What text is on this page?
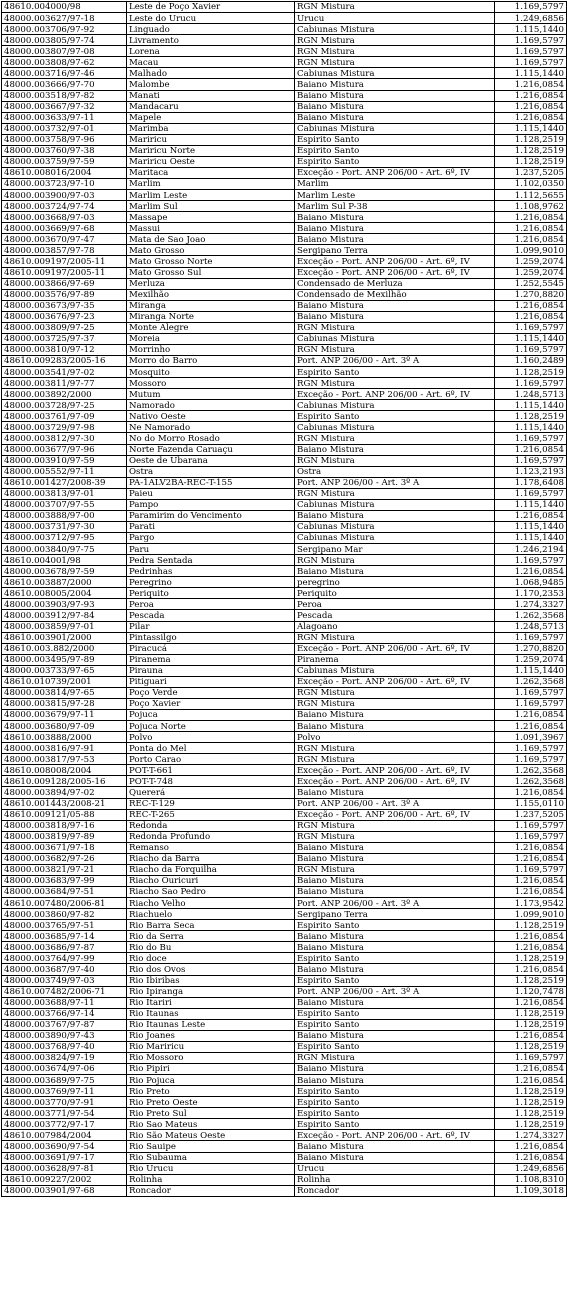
48610.004000/98	Leste de Poço Xavier	RGN Mistura	1.169,5797
48000.003627/97-18	Leste do Urucu	Urucu	1.249,6856
48000.003706/97-92	Linguado	Cabiunas Mistura	1.115,1440
48000.003805/97-74	Livramento	RGN Mistura	1.169,5797
48000.003807/97-08	Lorena	RGN Mistura	1.169,5797
48000.003808/97-62	Macau	RGN Mistura	1.169,5797
48000.003716/97-46	Malhado	Cabiunas Mistura	1.115,1440
48000.003666/97-70	Malombe	Baiano Mistura	1.216,0854
48000.003518/97-82	Manati	Baiano Mistura	1.216,0854
48000.003667/97-32	Mandacaru	Baiano Mistura	1.216,0854
48000.003633/97-11	Mapele	Baiano Mistura	1.216,0854
48000.003732/97-01	Marimba	Cabiunas Mistura	1.115,1440
48000.003758/97-96	Mariricu	Espirito Santo	1.128,2519
48000.003760/97-38	Mariricu Norte	Espirito Santo	1.128,2519
48000.003759/97-59	Mariricu Oeste	Espirito Santo	1.128,2519
48610.008016/2004	Maritaca	Exceção - Port. ANP 206/00 - Art. 6º, IV	1.237,5205
48000.003723/97-10	Marlim	Marlim	1.102,0350
48000.003900/97-03	Marlim Leste	Marlim Leste	1.112,5655
48000.003724/97-74	Marlim Sul	Marlim Sul P-38	1.108,9762
48000.003668/97-03	Massape	Baiano Mistura	1.216,0854
48000.003669/97-68	Massui	Baiano Mistura	1.216,0854
48000.003670/97-47	Mata de Sao Joao	Baiano Mistura	1.216,0854
48000.003857/97-78	Mato Grosso	Sergipano Terra	1.099,9010
48610.009197/2005-11	Mato Grosso Norte	Exceção - Port. ANP 206/00 - Art. 6º, IV	1.259,2074
48610.009197/2005-11	Mato Grosso Sul	Exceção - Port. ANP 206/00 - Art. 6º, IV	1.259,2074
48000.003866/97-69	Merluza	Condensado de Merluza	1.252,5545
48000.003576/97-89	Mexilhão	Condensado de Mexilhão	1.270,8820
48000.003673/97-35	Miranga	Baiano Mistura	1.216,0854
48000.003676/97-23	Miranga Norte	Baiano Mistura	1.216,0854
48000.003809/97-25	Monte Alegre	RGN Mistura	1.169,5797
48000.003725/97-37	Moreia	Cabiunas Mistura	1.115,1440
48000.003810/97-12	Morrinho	RGN Mistura	1.169,5797
48610.009283/2005-16	Morro do Barro	Port. ANP 206/00 - Art. 3º A	1.160,2489
48000.003541/97-02	Mosquito	Espirito Santo	1.128,2519
48000.003811/97-77	Mossoro	RGN Mistura	1.169,5797
48000.003892/2000	Mutum	Exceção - Port. ANP 206/00 - Art. 6º, IV	1.248,5713
48000.003728/97-25	Namorado	Cabiunas Mistura	1.115,1440
48000.003761/97-09	Nativo Oeste	Espirito Santo	1.128,2519
48000.003729/97-98	Ne Namorado	Cabiunas Mistura	1.115,1440
48000.003812/97-30	No do Morro Rosado	RGN Mistura	1.169,5797
48000.003677/97-96	Norte Fazenda Caruaçu	Baiano Mistura	1.216,0854
48000.003910/97-59	Oeste de Ubarana	RGN Mistura	1.169,5797
48000.005552/97-11	Ostra	Ostra	1.123,2193
48610.001427/2008-39	PA-1ALV2BA-REC-T-155	Port. ANP 206/00 - Art. 3º A	1.178,6408
48000.003813/97-01	Paieu	RGN Mistura	1.169,5797
48000.003707/97-55	Pampo	Cabiunas Mistura	1.115,1440
48000.003888/97-00	Paramirim do Vencimento	Baiano Mistura	1.216,0854
48000.003731/97-30	Parati	Cabiunas Mistura	1.115,1440
48000.003712/97-95	Pargo	Cabiunas Mistura	1.115,1440
48000.003840/97-75	Paru	Sergipano Mar	1.246,2194
48610.004001/98	Pedra Sentada	RGN Mistura	1.169,5797
48000.003678/97-59	Pedrinhas	Baiano Mistura	1.216,0854
48610.003887/2000	Peregrino	peregrino	1.068,9485
48610.008005/2004	Periquito	Periquito	1.170,2353
48000.003903/97-93	Peroa	Peroa	1.274,3327
48000.003912/97-84	Pescada	Pescada	1.262,3568
48000.003859/97-01	Pilar	Alagoano	1.248,5713
48610.003901/2000	Pintassilgo	RGN Mistura	1.169,5797
48610.003.882/2000	Piracucá	Exceção - Port. ANP 206/00 - Art. 6º, IV	1.270,8820
48000.003495/97-89	Piranema	Piranema	1.259,2074
48000.003733/97-65	Pirauna	Cabiunas Mistura	1.115,1440
48610.010739/2001	Pitiguari	Exceção - Port. ANP 206/00 - Art. 6º, IV	1.262,3568
48000.003814/97-65	Poço Verde	RGN Mistura	1.169,5797
48000.003815/97-28	Poço Xavier	RGN Mistura	1.169,5797
48000.003679/97-11	Pojuca	Baiano Mistura	1.216,0854
48000.003680/97-09	Pojuca Norte	Baiano Mistura	1.216,0854
48610.003888/2000	Polvo	Polvo	1.091,3967
48000.003816/97-91	Ponta do Mel	RGN Mistura	1.169,5797
48000.003817/97-53	Porto Carao	RGN Mistura	1.169,5797
48610.008008/2004	POT-T-661	Exceção - Port. ANP 206/00 - Art. 6º, IV	1.262,3568
48610.009128/2005-16	POT-T-748	Exceção - Port. ANP 206/00 - Art. 6º, IV	1.262,3568
48000.003894/97-02	Quererá	Baiano Mistura	1.216,0854
48610.001443/2008-21	REC-T-129	Port. ANP 206/00 - Art. 3º A	1.155,0110
48610.009121/05-88	REC-T-265	Exceção - Port. ANP 206/00 - Art. 6º, IV	1.237,5205
48000.003818/97-16	Redonda	RGN Mistura	1.169,5797
48000.003819/97-89	Redonda Profundo	RGN Mistura	1.169,5797
48000.003671/97-18	Remanso	Baiano Mistura	1.216,0854
48000.003682/97-26	Riacho da Barra	Baiano Mistura	1.216,0854
48000.003821/97-21	Riacho da Forquilha	RGN Mistura	1.169,5797
48000.003683/97-99	Riacho Ouricuri	Baiano Mistura	1.216,0854
48000.003684/97-51	Riacho Sao Pedro	Baiano Mistura	1.216,0854
48610.007480/2006-81	Riacho Velho	Port. ANP 206/00 - Art. 3º A	1.173,9542
48000.003860/97-82	Riachuelo	Sergipano Terra	1.099,9010
48000.003765/97-51	Rio Barra Seca	Espirito Santo	1.128,2519
48000.003685/97-14	Rio da Serra	Baiano Mistura	1.216,0854
48000.003686/97-87	Rio do Bu	Baiano Mistura	1.216,0854
48000.003764/97-99	Rio doce	Espirito Santo	1.128,2519
48000.003687/97-40	Rio dos Ovos	Baiano Mistura	1.216,0854
48000.003749/97-03	Rio Ibiribas	Espirito Santo	1.128,2519
48610.007482/2006-71	Rio Ipiranga	Port. ANP 206/00 - Art. 3º A	1.120,7478
48000.003688/97-11	Rio Itariri	Baiano Mistura	1.216,0854
48000.003766/97-14	Rio Itaunas	Espirito Santo	1.128,2519
48000.003767/97-87	Rio Itaunas Leste	Espirito Santo	1.128,2519
48000.003890/97-43	Rio Joanes	Baiano Mistura	1.216,0854
48000.003768/97-40	Rio Mariricu	Espirito Santo	1.128,2519
48000.003824/97-19	Rio Mossoro	RGN Mistura	1.169,5797
48000.003674/97-06	Rio Pipiri	Baiano Mistura	1.216,0854
48000.003689/97-75	Rio Pojuca	Baiano Mistura	1.216,0854
48000.003769/97-11	Rio Preto	Espirito Santo	1.128,2519
48000.003770/97-91	Rio Preto Oeste	Espirito Santo	1.128,2519
48000.003771/97-54	Rio Preto Sul	Espirito Santo	1.128,2519
48000.003772/97-17	Rio Sao Mateus	Espirito Santo	1.128,2519
48610.007984/2004	Rio São Mateus Oeste	Exceção - Port. ANP 206/00 - Art. 6º, IV	1.274,3327
48000.003690/97-54	Rio Sauipe	Baiano Mistura	1.216,0854
48000.003691/97-17	Rio Subauma	Baiano Mistura	1.216,0854
48000.003628/97-81	Rio Urucu	Urucu	1.249,6856
48610.009227/2002	Rolinha	Rolinha	1.108,8310
48000.003901/97-68	Roncador	Roncador	1.109,3018
